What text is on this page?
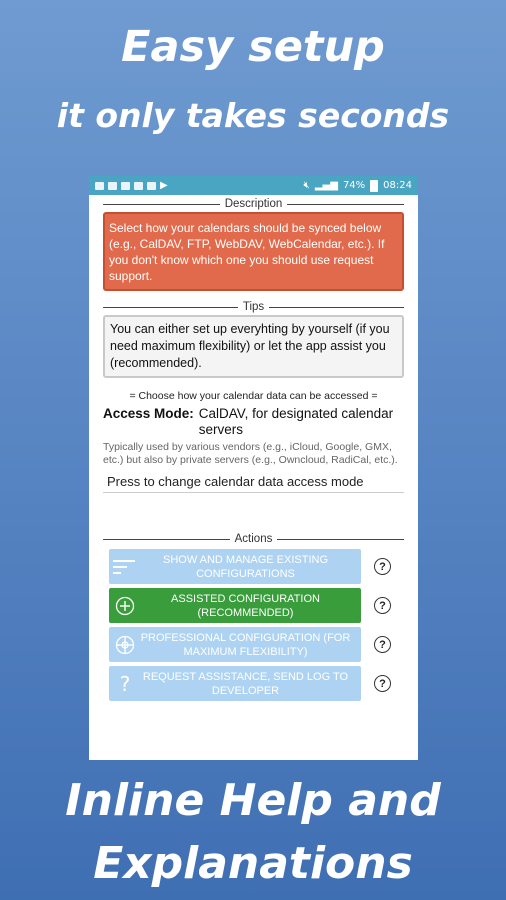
Easy setup
it only takes seconds
▶	🔇︎ ▂▄▆ 74% 08:24
Description
Select how your calendars should be synced below (e.g., CalDAV, FTP, WebDAV, WebCalendar, etc.). If you don't know which one you should use request support.
Tips
You can either set up everyhting by yourself (if you need maximum flexibility) or let the app assist you (recommended).
= Choose how your calendar data can be accessed =
Access Mode: CalDAV, for designated calendar servers
Typically used by various vendors (e.g., iCloud, Google, GMX, etc.) but also by private servers (e.g., Owncloud, RadiCal, etc.).
Press to change calendar data access mode
Actions
SHOW AND MANAGE EXISTING CONFIGURATIONS
?
ASSISTED CONFIGURATION (RECOMMENDED)
?
PROFESSIONAL CONFIGURATION (FOR MAXIMUM FLEXIBILITY)
?
?	REQUEST ASSISTANCE, SEND LOG TO DEVELOPER
?
Inline Help and
Explanations
